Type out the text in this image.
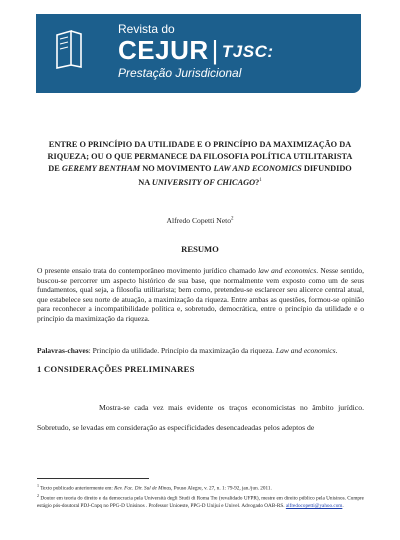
Revista do
CEJUR | TJSC:
Prestação Jurisdicional
ENTRE O PRINCÍPIO DA UTILIDADE E O PRINCÍPIO DA MAXIMIZAÇÃO DA
RIQUEZA; OU O QUE PERMANECE DA FILOSOFIA POLÍTICA UTILITARISTA
DE GEREMY BENTHAM NO MOVIMENTO LAW AND ECONOMICS DIFUNDIDO
NA UNIVERSITY OF CHICAGO?$^1$
Alfredo Copetti Neto$^2$
RESUMO
O presente ensaio trata do contemporâneo movimento jurídico chamado law and economics. Nesse sentido, buscou-se percorrer um aspecto histórico de sua base, que normalmente vem exposto como um de seus fundamentos, qual seja, a filosofia utilitarista; bem como, pretendeu-se esclarecer seu alicerce central atual, que estabelece seu norte de atuação, a maximização da riqueza. Entre ambas as questões, formou-se opinião para reconhecer a incompatibilidade política e, sobretudo, democrática, entre o princípio da utilidade e o princípio da maximização da riqueza.
Palavras-chaves: Princípio da utilidade. Princípio da maximização da riqueza. Law and economics.
1 CONSIDERAÇÕES PRELIMINARES
Mostra-se cada vez mais evidente os traços economicistas no âmbito jurídico. Sobretudo, se levadas em consideração as especificidades desencadeadas pelos adeptos de

$^1$ Texto publicado anteriormente em: Rev. Fac. Dir. Sul de Minas, Pouso Alegre, v. 27, n. 1: 79-92, jan./jun. 2011.

$^2$ Doutor em teoria do direito e da democracia pela Università degli Studi di Roma Tre (revalidado UFPR), mestre em direito público pela Unisinos. Cumpre estágio pós-doutoral PDJ-Cnpq no PPG-D Unisinos . Professor Unioeste, PPG-D Unijuí e Univel. Advogado OAB-RS. alfredocopetti@yahoo.com.
